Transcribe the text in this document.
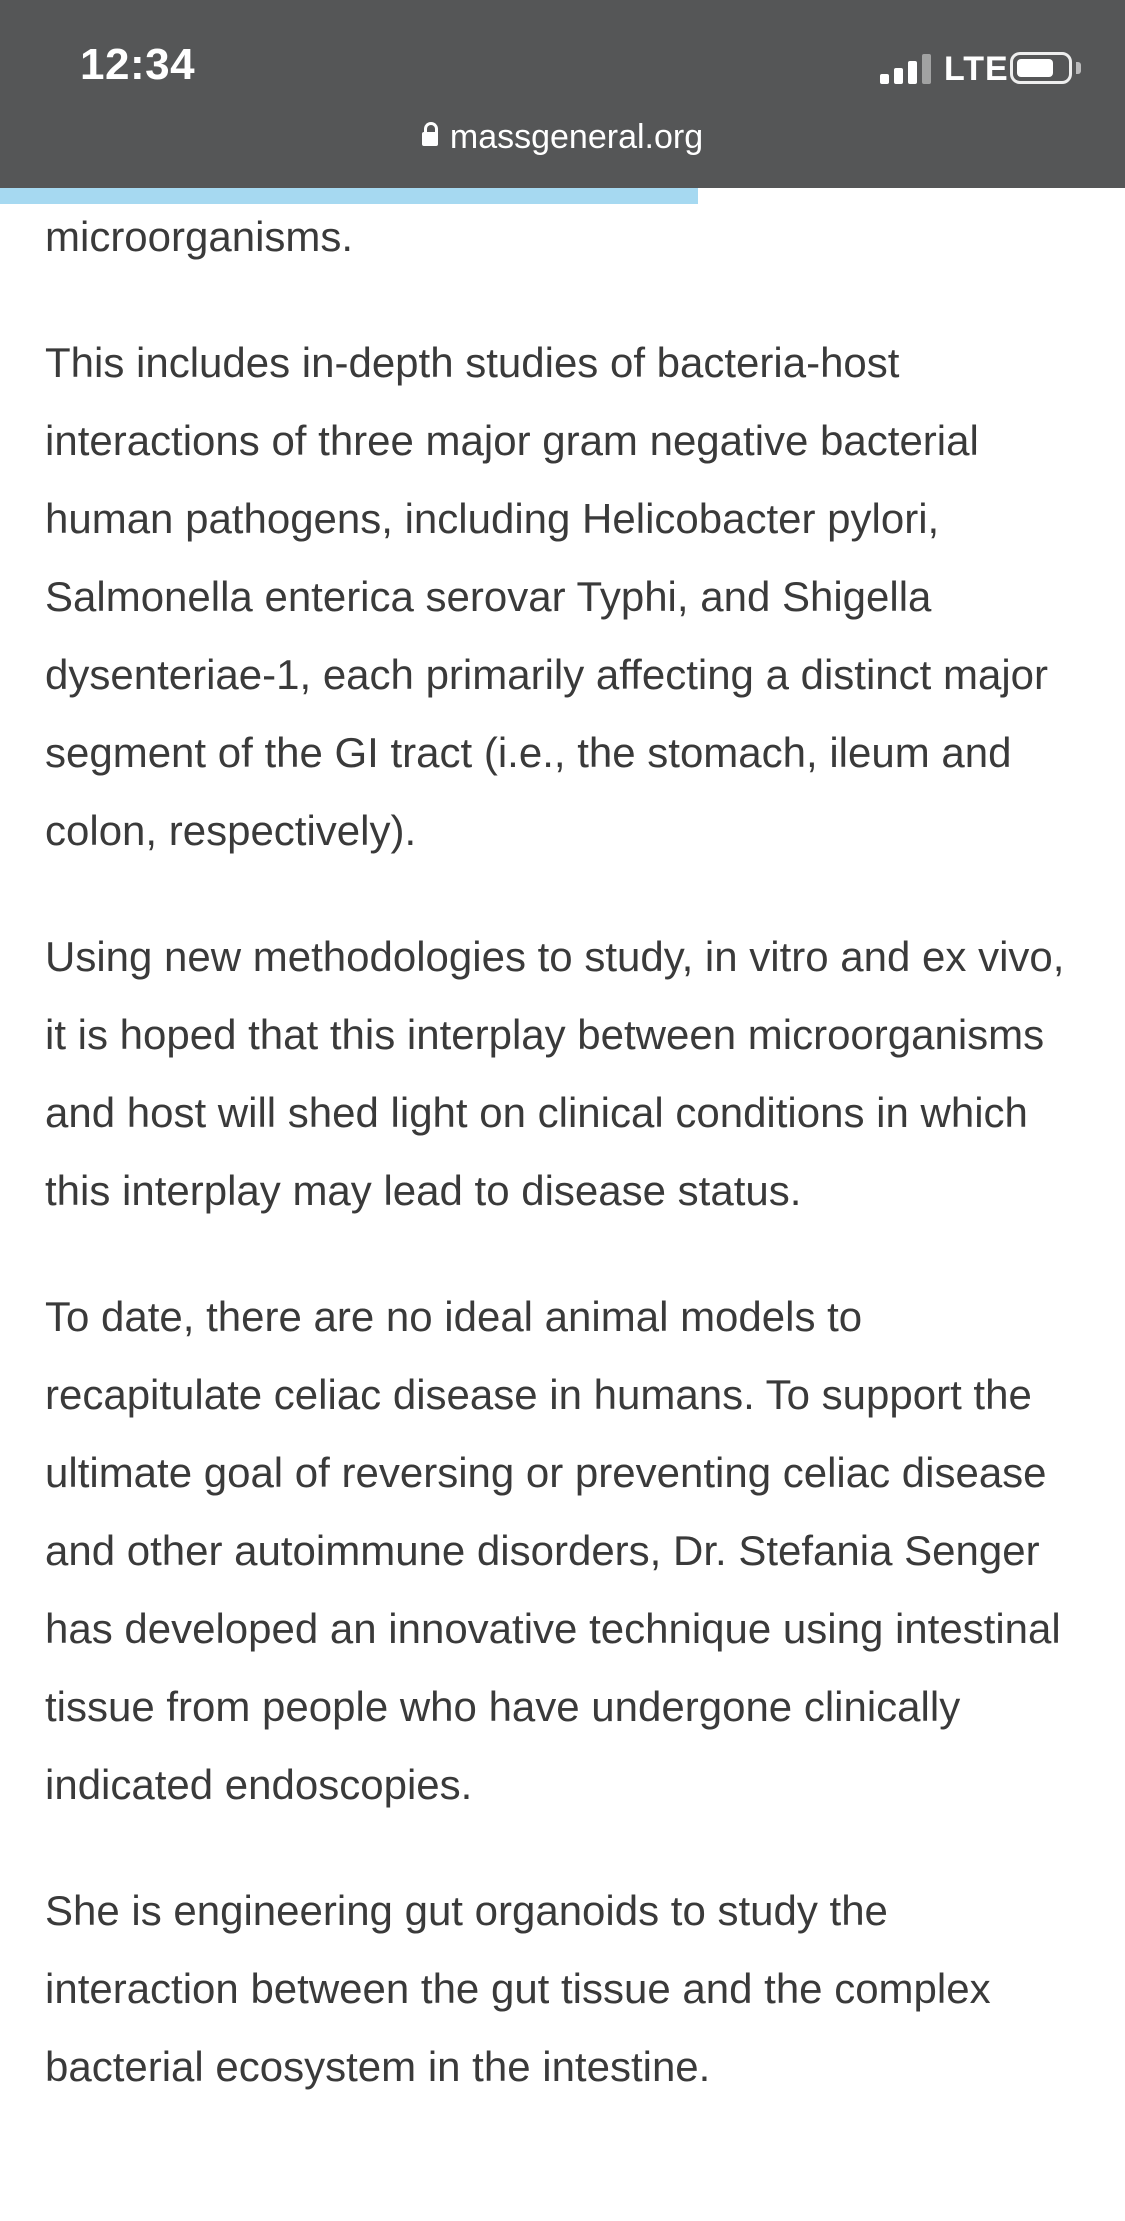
12:34	LTE
massgeneral.org

microorganisms.

This includes in-depth studies of bacteria-host interactions of three major gram negative bacterial human pathogens, including Helicobacter pylori, Salmonella enterica serovar Typhi, and Shigella dysenteriae-1, each primarily affecting a distinct major segment of the GI tract (i.e., the stomach, ileum and colon, respectively).

Using new methodologies to study, in vitro and ex vivo, it is hoped that this interplay between microorganisms and host will shed light on clinical conditions in which this interplay may lead to disease status.

To date, there are no ideal animal models to recapitulate celiac disease in humans. To support the ultimate goal of reversing or preventing celiac disease and other autoimmune disorders, Dr. Stefania Senger has developed an innovative technique using intestinal tissue from people who have undergone clinically indicated endoscopies.

She is engineering gut organoids to study the interaction between the gut tissue and the complex bacterial ecosystem in the intestine.
